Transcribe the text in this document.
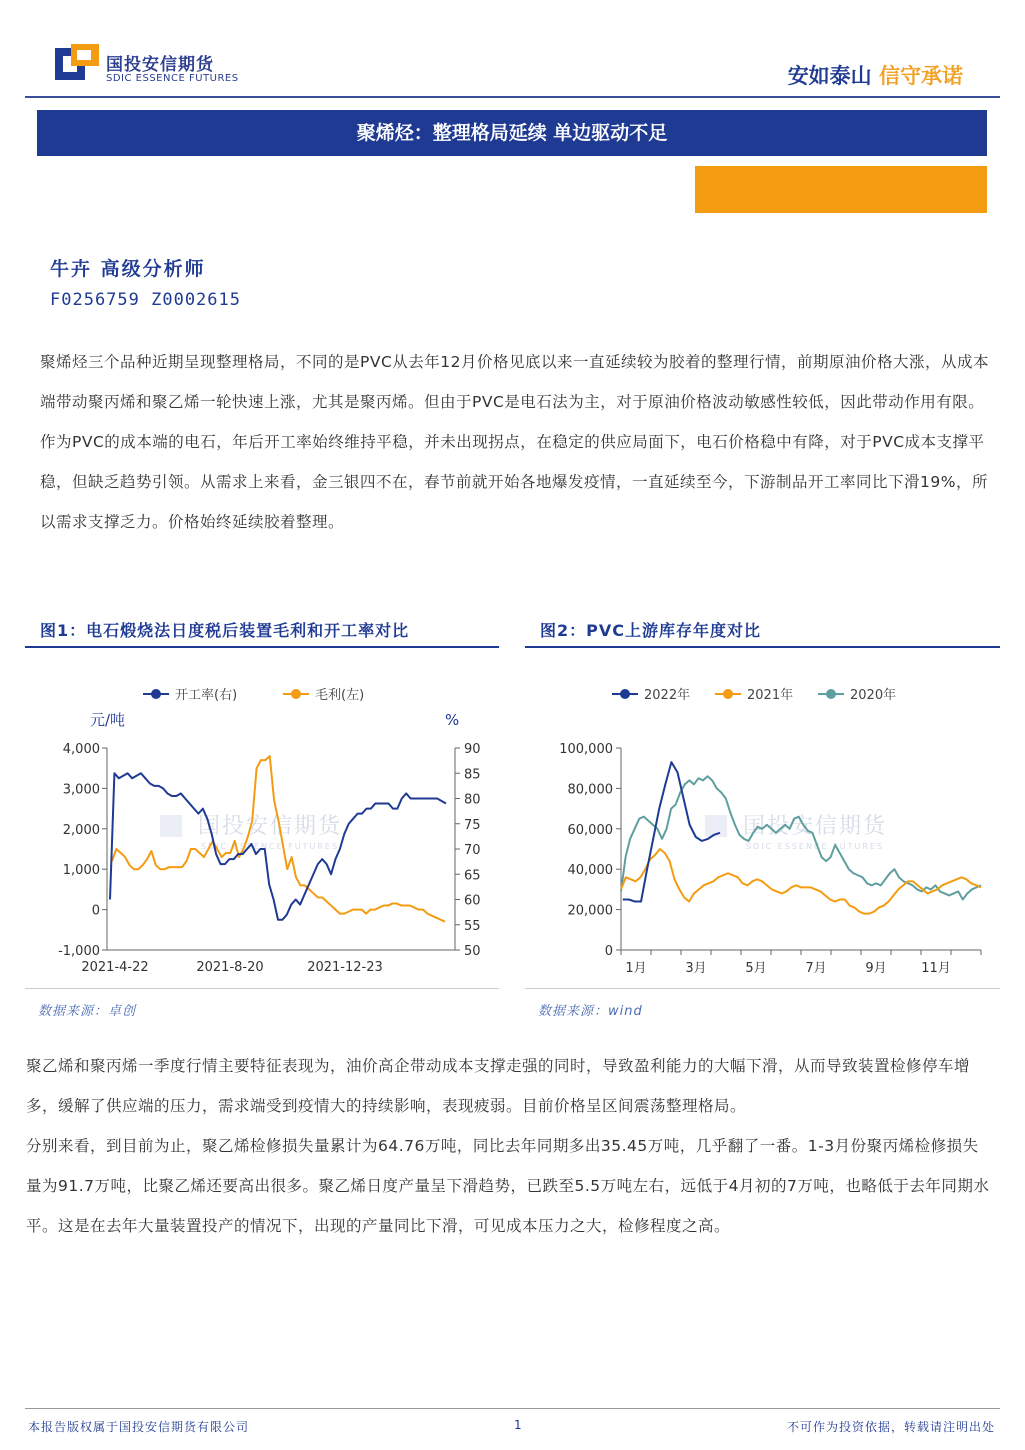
国投安信期货
SDIC ESSENCE FUTURES	安如泰山 信守承诺
聚烯烃：整理格局延续 单边驱动不足
牛卉 高级分析师
F0256759 Z0002615
聚烯烃三个品种近期呈现整理格局，不同的是PVC从去年12月价格见底以来一直延续较为胶着的整理行情，前期原油价格大涨，从成本端带动聚丙烯和聚乙烯一轮快速上涨，尤其是聚丙烯。但由于PVC是电石法为主，对于原油价格波动敏感性较低，因此带动作用有限。作为PVC的成本端的电石，年后开工率始终维持平稳，并未出现拐点，在稳定的供应局面下，电石价格稳中有降，对于PVC成本支撑平稳，但缺乏趋势引领。从需求上来看，金三银四不在，春节前就开始各地爆发疫情，一直延续至今，下游制品开工率同比下滑19%，所以需求支撑乏力。价格始终延续胶着整理。
图1：电石煅烧法日度税后装置毛利和开工率对比
国投安信期货
SDIC ESSENCE FUTURES
开工率(右)	毛利(左)
元/吨	%
-1,000
0
1,000
2,000
3,000
4,000
50
55
60
65
70
75
80
85
90
2021-4-22	2021-8-20	2021-12-23
数据来源：卓创
图2：PVC上游库存年度对比
国投安信期货
SDIC ESSENCE FUTURES
2022年	2021年	2020年
0
20,000
40,000
60,000
80,000
100,000
1月	3月	5月	7月	9月	11月
数据来源：wind
聚乙烯和聚丙烯一季度行情主要特征表现为，油价高企带动成本支撑走强的同时，导致盈利能力的大幅下滑，从而导致装置检修停车增多，缓解了供应端的压力，需求端受到疫情大的持续影响，表现疲弱。目前价格呈区间震荡整理格局。
分别来看，到目前为止，聚乙烯检修损失量累计为64.76万吨，同比去年同期多出35.45万吨，几乎翻了一番。1-3月份聚丙烯检修损失量为91.7万吨，比聚乙烯还要高出很多。聚乙烯日度产量呈下滑趋势，已跌至5.5万吨左右，远低于4月初的7万吨，也略低于去年同期水平。这是在去年大量装置投产的情况下，出现的产量同比下滑，可见成本压力之大，检修程度之高。
本报告版权属于国投安信期货有限公司	1	不可作为投资依据，转载请注明出处
